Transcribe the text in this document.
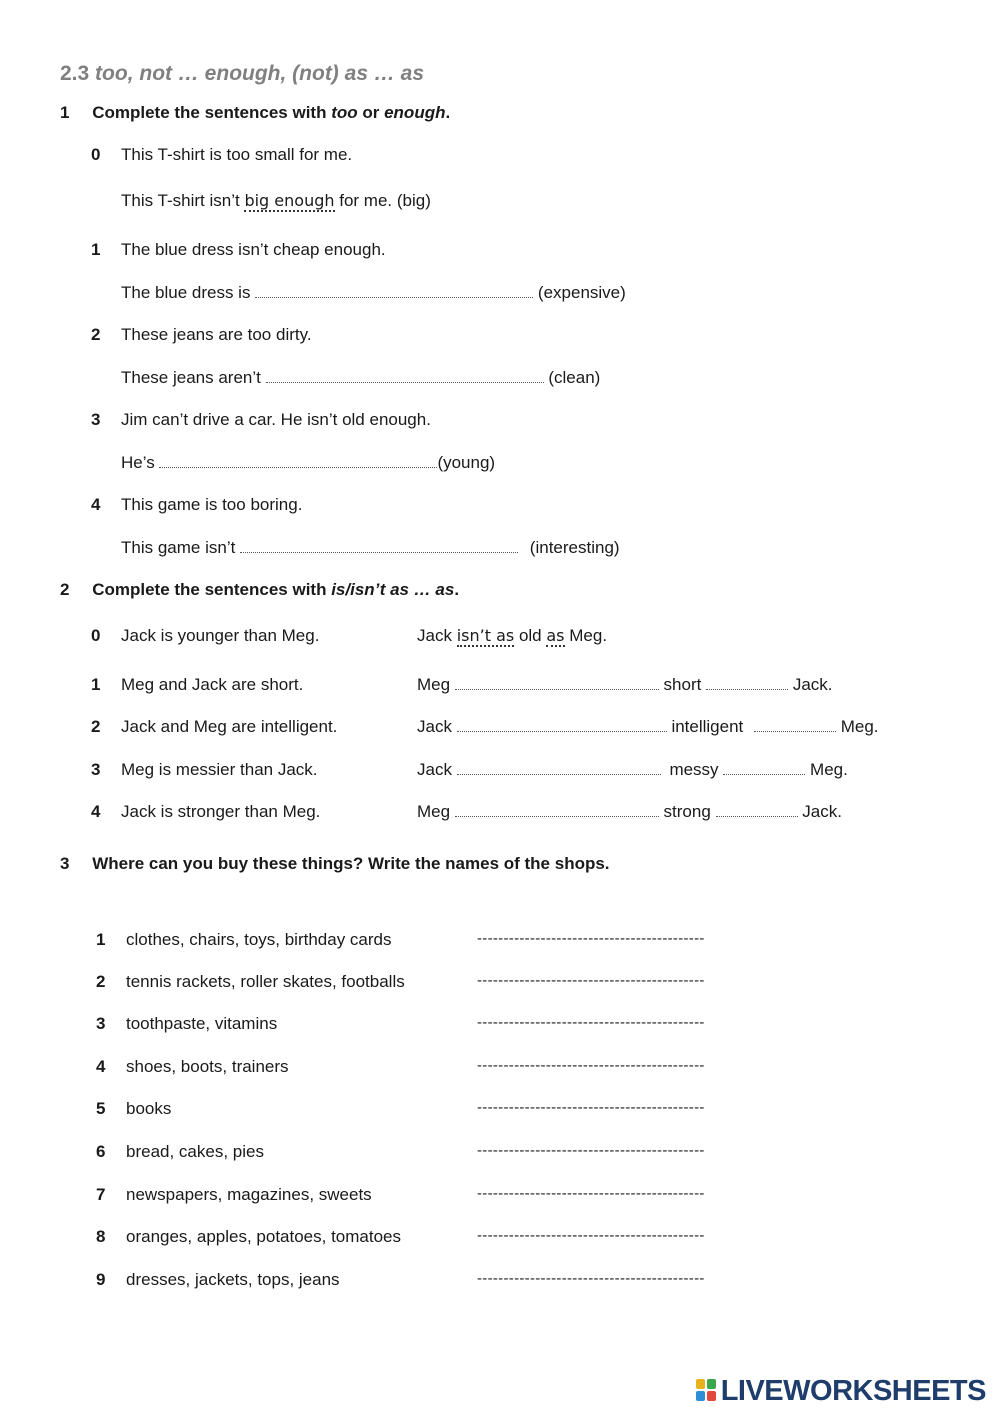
2.3 too, not … enough, (not) as … as
1 Complete the sentences with too or enough.
0 This T-shirt is too small for me.
This T-shirt isn’t big enough for me. (big)
1 The blue dress isn’t cheap enough.
The blue dress is	(expensive)
2 These jeans are too dirty.
These jeans aren’t	(clean)
3 Jim can’t drive a car. He isn’t old enough.
He’s	(young)
4 This game is too boring.
This game isn’t	(interesting)
2 Complete the sentences with is/isn’t as … as.
0 Jack is younger than Meg.	Jack isn’t as old as Meg.
1 Meg and Jack are short.	Meg	short	Jack.
2 Jack and Meg are intelligent.	Jack	intelligent	Meg.
3 Meg is messier than Jack.	Jack	messy	Meg.
4 Jack is stronger than Meg.	Meg	strong	Jack.
3 Where can you buy these things? Write the names of the shops.
1 clothes, chairs, toys, birthday cards	-------------------------------------------
2 tennis rackets, roller skates, footballs	-------------------------------------------
3 toothpaste, vitamins	-------------------------------------------
4 shoes, boots, trainers	-------------------------------------------
5 books	-------------------------------------------
6 bread, cakes, pies	-------------------------------------------
7 newspapers, magazines, sweets	-------------------------------------------
8 oranges, apples, potatoes, tomatoes	-------------------------------------------
9 dresses, jackets, tops, jeans	-------------------------------------------
LIVEWORKSHEETS
